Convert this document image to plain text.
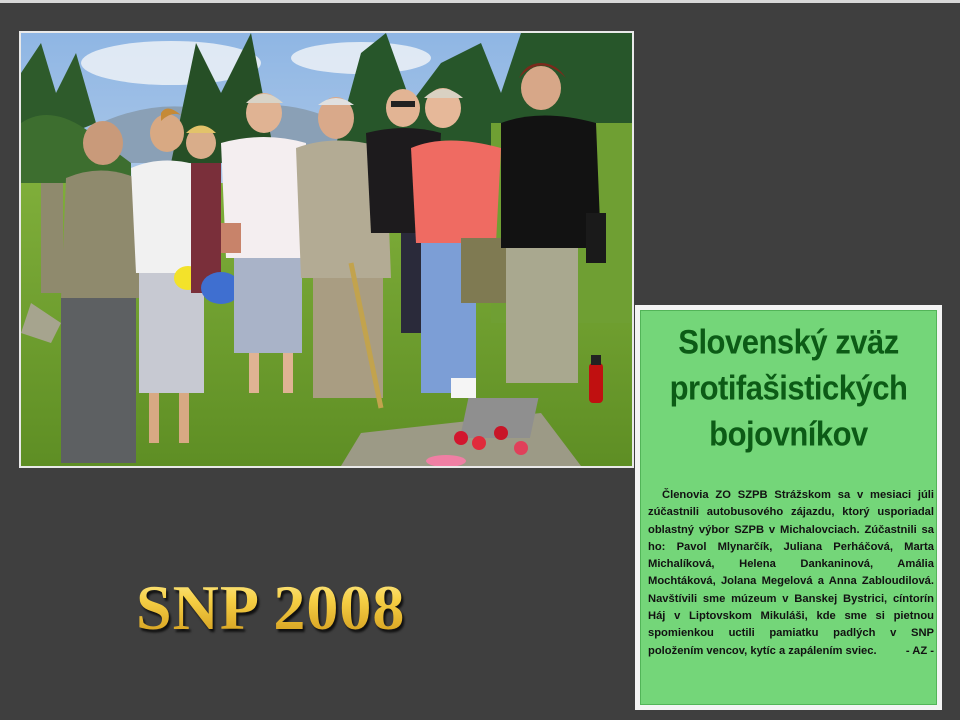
SNP 2008
Slovenský zväz
protifašistických
bojovníkov
Členovia ZO SZPB Strážskom sa v mesiaci júli zúčastnili autobusového zájazdu, ktorý usporiadal oblastný výbor SZPB v Michalovciach. Zúčastnili sa ho: Pavol Mlynarčík, Juliana Perháčová, Marta Michalíková, Helena Dankaninová, Amália Mochtáková, Jolana Megelová a Anna Zabloudilová. Navštívili sme múzeum v Banskej Bystrici, cíntorín Háj v Liptovskom Mikuláši, kde sme si pietnou spomienkou uctili pamiatku padlých v SNP položením vencov, kytíc a zapálením sviec.	- AZ -
